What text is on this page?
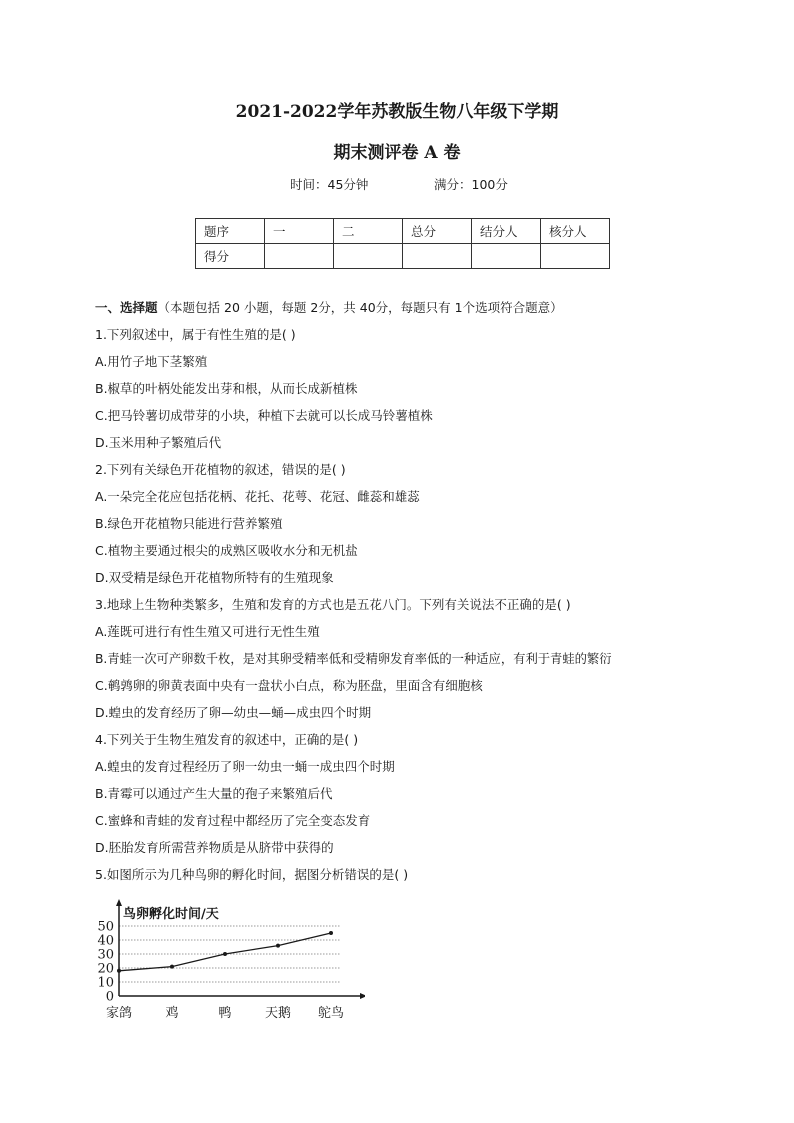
2021-2022学年苏教版生物八年级下学期
期末测评卷 A 卷
时间：45分钟	满分：100分
题序	一	二	总分	结分人	核分人
得分					
一、选择题（本题包括 20 小题，每题 2分，共 40分，每题只有 1个选项符合题意）
1.下列叙述中，属于有性生殖的是( )
A.用竹子地下茎繁殖
B.椒草的叶柄处能发出芽和根，从而长成新植株
C.把马铃薯切成带芽的小块，种植下去就可以长成马铃薯植株
D.玉米用种子繁殖后代
2.下列有关绿色开花植物的叙述，错误的是( )
A.一朵完全花应包括花柄、花托、花萼、花冠、雌蕊和雄蕊
B.绿色开花植物只能进行营养繁殖
C.植物主要通过根尖的成熟区吸收水分和无机盐
D.双受精是绿色开花植物所特有的生殖现象
3.地球上生物种类繁多，生殖和发育的方式也是五花八门。下列有关说法不正确的是( )
A.莲既可进行有性生殖又可进行无性生殖
B.青蛙一次可产卵数千枚，是对其卵受精率低和受精卵发育率低的一种适应，有利于青蛙的繁衍
C.鹌鹑卵的卵黄表面中央有一盘状小白点，称为胚盘，里面含有细胞核
D.蝗虫的发育经历了卵—幼虫—蛹—成虫四个时期
4.下列关于生物生殖发育的叙述中，正确的是( )
A.蝗虫的发育过程经历了卵一幼虫一蛹一成虫四个时期
B.青霉可以通过产生大量的孢子来繁殖后代
C.蜜蜂和青蛙的发育过程中都经历了完全变态发育
D.胚胎发育所需营养物质是从脐带中获得的
5.如图所示为几种鸟卵的孵化时间，据图分析错误的是( )
鸟卵孵化时间/天
0
10
20
30
40
50
家鸽	鸡	鸭	天鹅 鸵鸟
